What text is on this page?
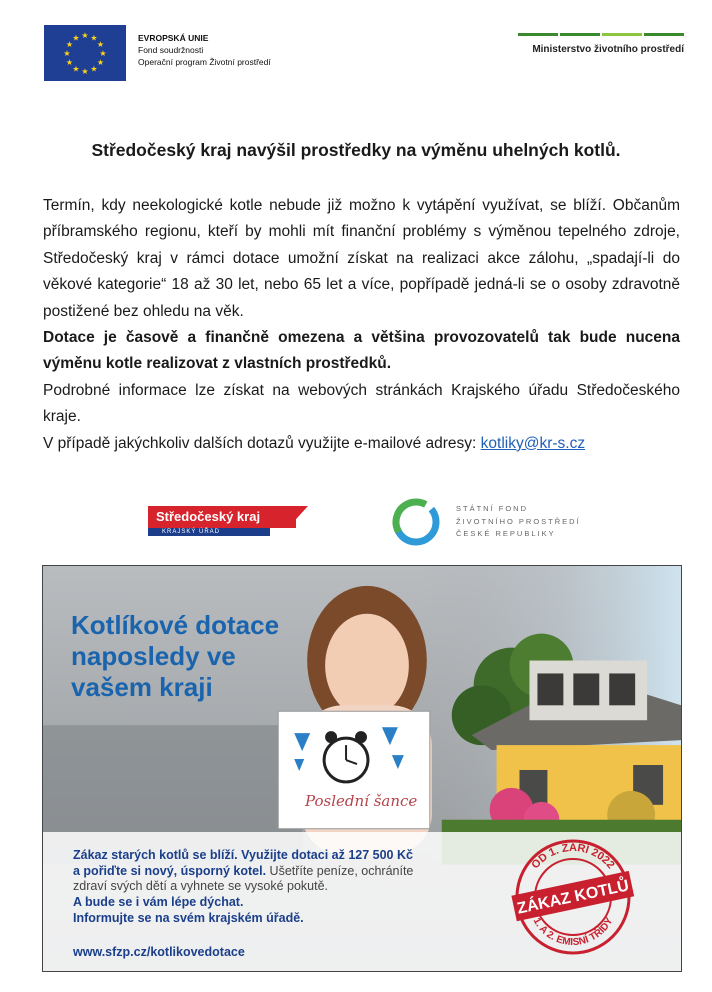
★ ★
★
★
★
★
★
★
★
★
★
★	EVROPSKÁ UNIE
Fond soudržnosti
Operační program Životní prostředí
Ministerstvo životního prostředí
Středočeský kraj navýšil prostředky na výměnu uhelných kotlů.

Termín, kdy neekologické kotle nebude již možno k vytápění využívat, se blíží. Občanům příbramského regionu, kteří by mohli mít finanční problémy s výměnou tepelného zdroje, Středočeský kraj v rámci dotace umožní získat na realizaci akce zálohu, „spadají-li do věkové kategorie“ 18 až 30 let, nebo 65 let a více, popřípadě jedná-li se o osoby zdravotně postižené bez ohledu na věk.

Dotace je časově a finančně omezena a většina provozovatelů tak bude nucena výměnu kotle realizovat z vlastních prostředků.

Podrobné informace lze získat na webových stránkách Krajského úřadu Středočeského kraje.

V případě jakýchkoliv dalších dotazů využijte e-mailové adresy: kotliky@kr-s.cz

Středočeský kraj
KRAJSKÝ ÚŘAD
STÁTNÍ FOND
ŽIVOTNÍHO PROSTŘEDÍ
ČESKÉ REPUBLIKY
Kotlíkové dotace
naposledy ve
vašem kraji
Poslední šance
Zákaz starých kotlů se blíží. Využijte dotaci až 127 500 Kč
a pořiďte si nový, úsporný kotel. Ušetříte peníze, ochráníte
zdraví svých dětí a vyhnete se vysoké pokutě.
A bude se i vám lépe dýchat.
Informujte se na svém krajském úřadě.
www.sfzp.cz/kotlikovedotace
OD 1. ZÁŘÍ 2022
1. A 2. EMISNÍ TŘÍDY
ZÁKAZ KOTLŮ
